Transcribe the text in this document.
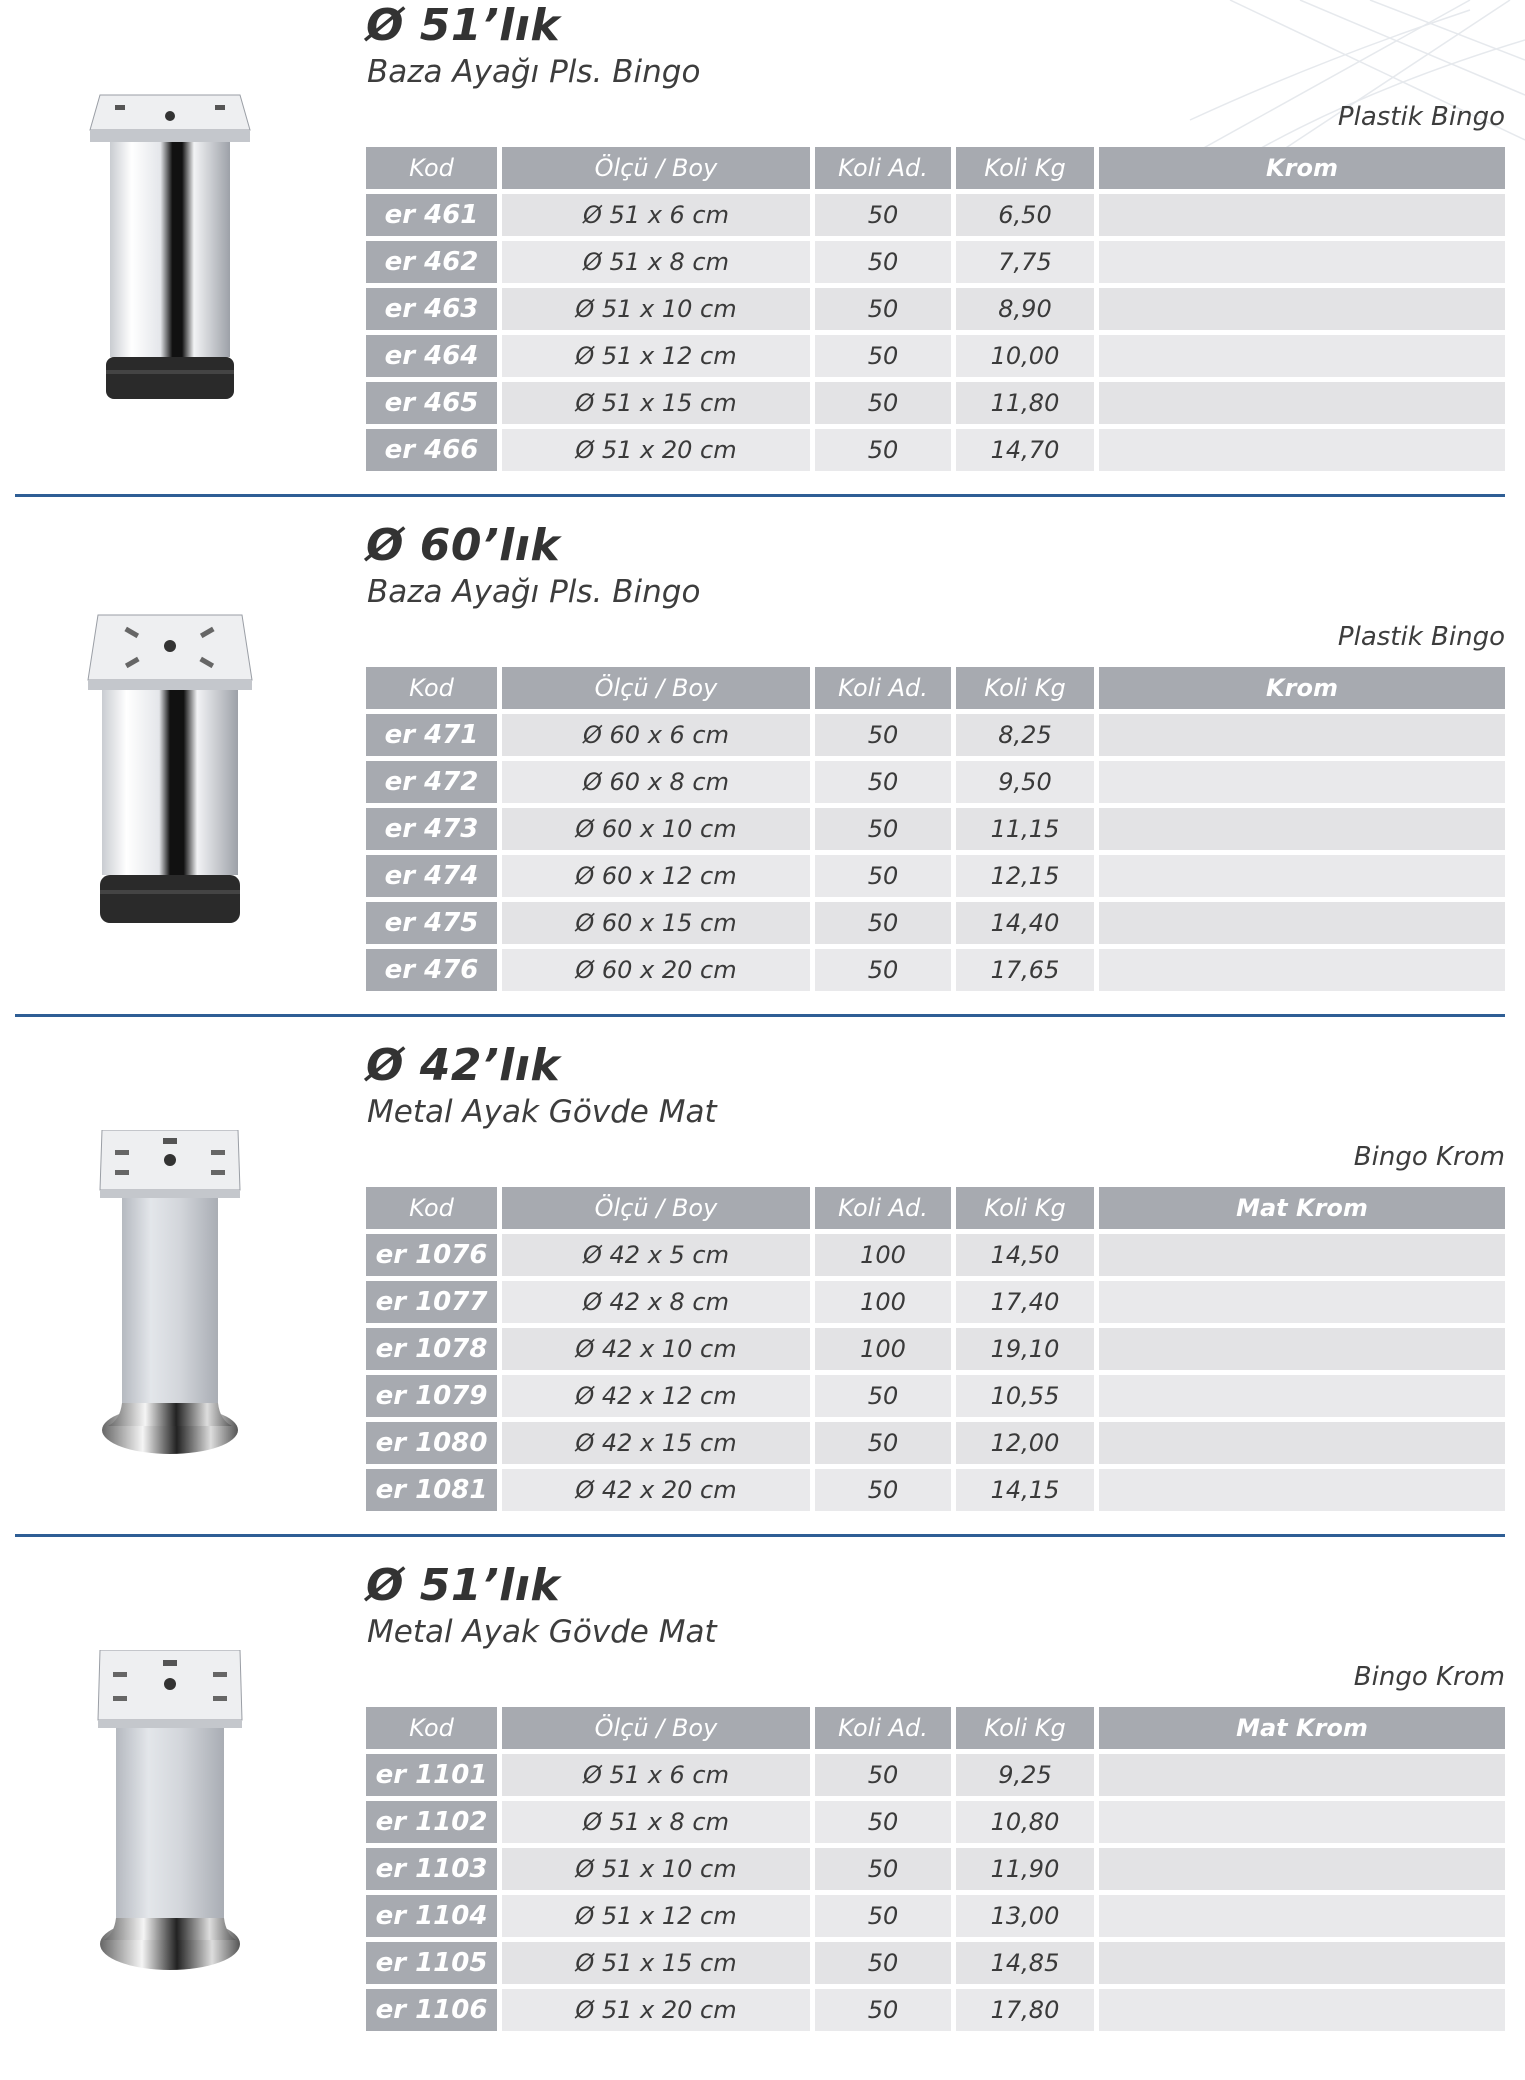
Ø 51’lık

Baza Ayağı Pls. Bingo

Plastik Bingo

Kod	Ölçü / Boy	Koli Ad.	Koli Kg	Krom
er 461	Ø 51 x 6 cm	50	6,50	
er 462	Ø 51 x 8 cm	50	7,75	
er 463	Ø 51 x 10 cm	50	8,90	
er 464	Ø 51 x 12 cm	50	10,00	
er 465	Ø 51 x 15 cm	50	11,80	
er 466	Ø 51 x 20 cm	50	14,70	
Ø 60’lık

Baza Ayağı Pls. Bingo

Plastik Bingo

Kod	Ölçü / Boy	Koli Ad.	Koli Kg	Krom
er 471	Ø 60 x 6 cm	50	8,25	
er 472	Ø 60 x 8 cm	50	9,50	
er 473	Ø 60 x 10 cm	50	11,15	
er 474	Ø 60 x 12 cm	50	12,15	
er 475	Ø 60 x 15 cm	50	14,40	
er 476	Ø 60 x 20 cm	50	17,65	
Ø 42’lık

Metal Ayak Gövde Mat

Bingo Krom

Kod	Ölçü / Boy	Koli Ad.	Koli Kg	Mat Krom
er 1076	Ø 42 x 5 cm	100	14,50	
er 1077	Ø 42 x 8 cm	100	17,40	
er 1078	Ø 42 x 10 cm	100	19,10	
er 1079	Ø 42 x 12 cm	50	10,55	
er 1080	Ø 42 x 15 cm	50	12,00	
er 1081	Ø 42 x 20 cm	50	14,15	
Ø 51’lık

Metal Ayak Gövde Mat

Bingo Krom

Kod	Ölçü / Boy	Koli Ad.	Koli Kg	Mat Krom
er 1101	Ø 51 x 6 cm	50	9,25	
er 1102	Ø 51 x 8 cm	50	10,80	
er 1103	Ø 51 x 10 cm	50	11,90	
er 1104	Ø 51 x 12 cm	50	13,00	
er 1105	Ø 51 x 15 cm	50	14,85	
er 1106	Ø 51 x 20 cm	50	17,80	
